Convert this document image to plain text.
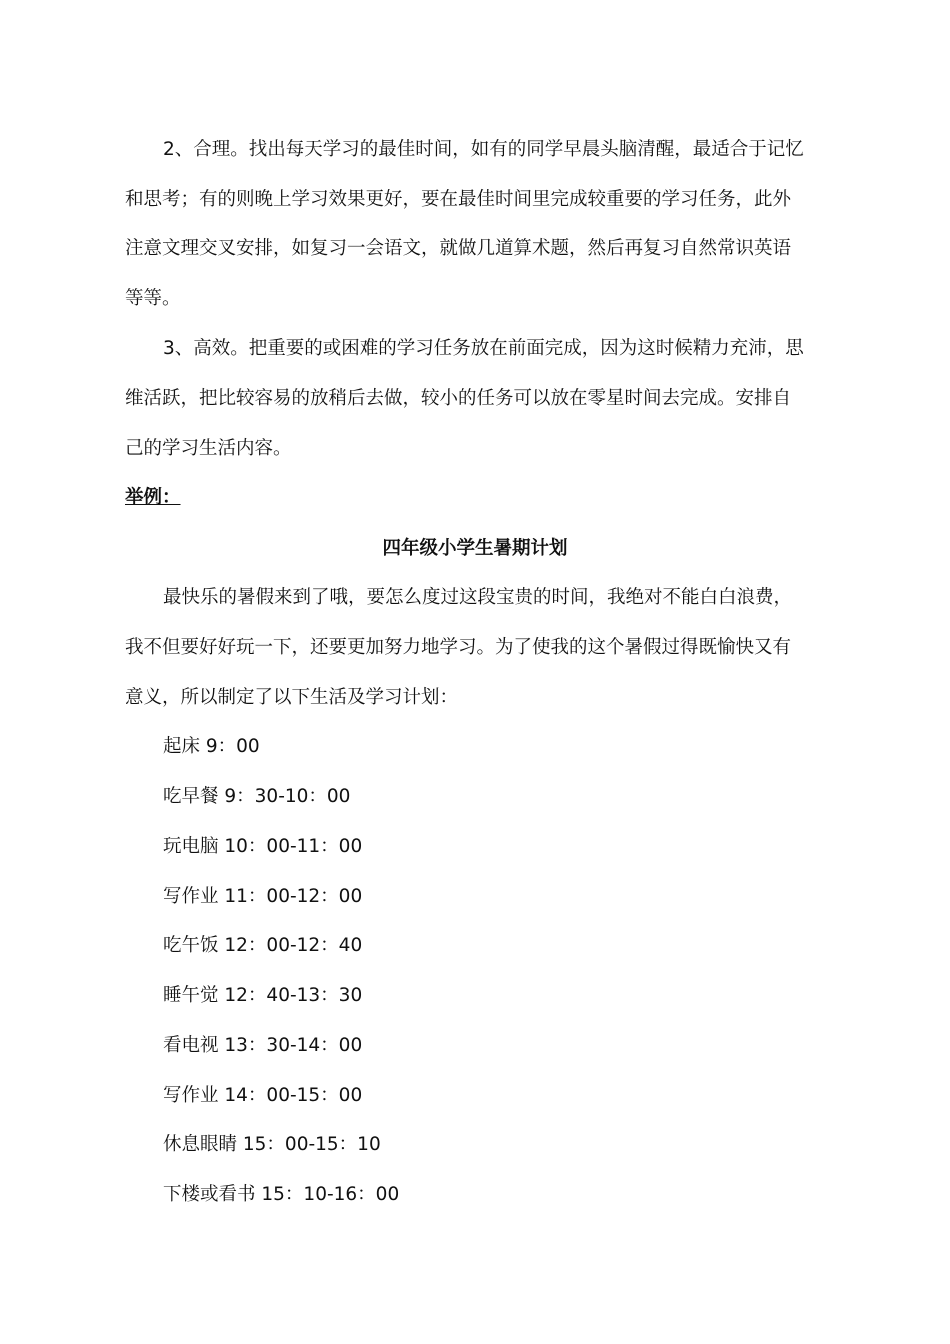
2、合理。找出每天学习的最佳时间，如有的同学早晨头脑清醒，最适合于记忆
和思考；有的则晚上学习效果更好，要在最佳时间里完成较重要的学习任务，此外
注意文理交叉安排，如复习一会语文，就做几道算术题，然后再复习自然常识英语
等等。
3、高效。把重要的或困难的学习任务放在前面完成，因为这时候精力充沛，思
维活跃，把比较容易的放稍后去做，较小的任务可以放在零星时间去完成。安排自
己的学习生活内容。
举例：
四年级小学生暑期计划
最快乐的暑假来到了哦，要怎么度过这段宝贵的时间，我绝对不能白白浪费，
我不但要好好玩一下，还要更加努力地学习。为了使我的这个暑假过得既愉快又有
意义，所以制定了以下生活及学习计划：
起床 9：00
吃早餐 9：30-10：00
玩电脑 10：00-11：00
写作业 11：00-12：00
吃午饭 12：00-12：40
睡午觉 12：40-13：30
看电视 13：30-14：00
写作业 14：00-15：00
休息眼睛 15：00-15：10
下楼或看书 15：10-16：00
